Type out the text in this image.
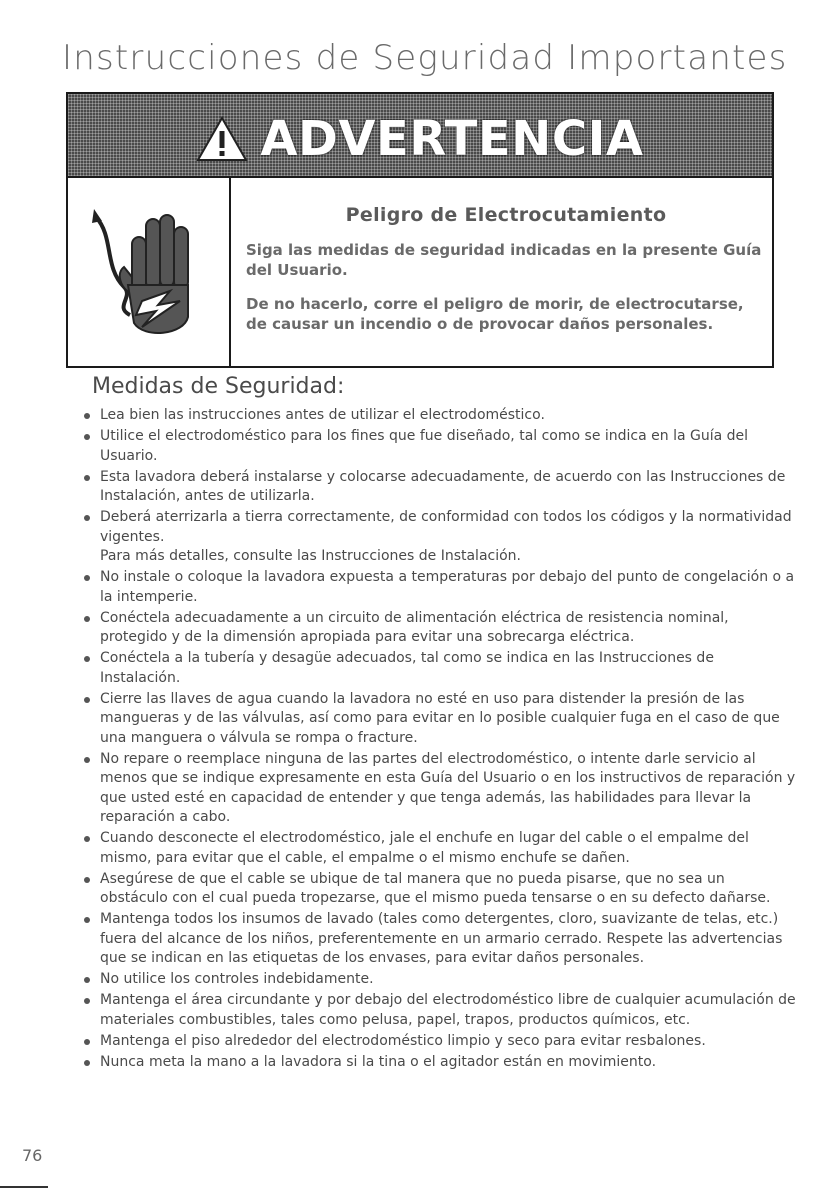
Instrucciones de Seguridad Importantes
ADVERTENCIA
Peligro de Electrocutamiento

Siga las medidas de seguridad indicadas en la presente Guía del Usuario.

De no hacerlo, corre el peligro de morir, de electrocutarse, de causar un incendio o de provocar daños personales.

Medidas de Seguridad:
Lea bien las instrucciones antes de utilizar el electrodoméstico.
Utilice el electrodoméstico para los fines que fue diseñado, tal como se indica en la Guía del Usuario.
Esta lavadora deberá instalarse y colocarse adecuadamente, de acuerdo con las Instrucciones de Instalación, antes de utilizarla.
Deberá aterrizarla a tierra correctamente, de conformidad con todos los códigos y la normatividad vigentes.
Para más detalles, consulte las Instrucciones de Instalación.
No instale o coloque la lavadora expuesta a temperaturas por debajo del punto de congelación o a la intemperie.
Conéctela adecuadamente a un circuito de alimentación eléctrica de resistencia nominal, protegido y de la dimensión apropiada para evitar una sobrecarga eléctrica.
Conéctela a la tubería y desagüe adecuados, tal como se indica en las Instrucciones de Instalación.
Cierre las llaves de agua cuando la lavadora no esté en uso para distender la presión de las mangueras y de las válvulas, así como para evitar en lo posible cualquier fuga en el caso de que una manguera o válvula se rompa o fracture.
No repare o reemplace ninguna de las partes del electrodoméstico, o intente darle servicio al menos que se indique expresamente en esta Guía del Usuario o en los instructivos de reparación y que usted esté en capacidad de entender y que tenga además, las habilidades para llevar la reparación a cabo.
Cuando desconecte el electrodoméstico, jale el enchufe en lugar del cable o el empalme del mismo, para evitar que el cable, el empalme o el mismo enchufe se dañen.
Asegúrese de que el cable se ubique de tal manera que no pueda pisarse, que no sea un obstáculo con el cual pueda tropezarse, que el mismo pueda tensarse o en su defecto dañarse.
Mantenga todos los insumos de lavado (tales como detergentes, cloro, suavizante de telas, etc.) fuera del alcance de los niños, preferentemente en un armario cerrado. Respete las advertencias que se indican en las etiquetas de los envases, para evitar daños personales.
No utilice los controles indebidamente.
Mantenga el área circundante y por debajo del electrodoméstico libre de cualquier acumulación de materiales combustibles, tales como pelusa, papel, trapos, productos químicos, etc.
Mantenga el piso alrededor del electrodoméstico limpio y seco para evitar resbalones.
Nunca meta la mano a la lavadora si la tina o el agitador están en movimiento.
76
